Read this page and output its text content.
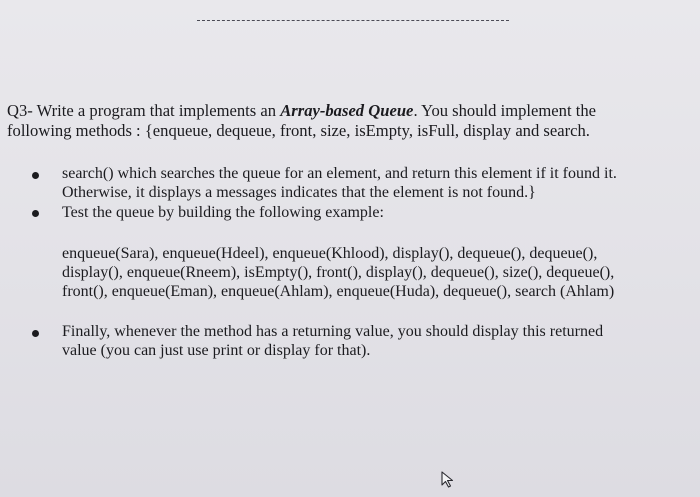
Q3- Write a program that implements an Array-based Queue. You should implement the
following methods : {enqueue, dequeue, front, size, isEmpty, isFull, display and search.
search() which searches the queue for an element, and return this element if it found it.
Otherwise, it displays a messages indicates that the element is not found.}
Test the queue by building the following example:
enqueue(Sara), enqueue(Hdeel), enqueue(Khlood), display(), dequeue(), dequeue(),
display(), enqueue(Rneem), isEmpty(), front(), display(), dequeue(), size(), dequeue(),
front(), enqueue(Eman), enqueue(Ahlam), enqueue(Huda), dequeue(), search (Ahlam)
Finally, whenever the method has a returning value, you should display this returned
value (you can just use print or display for that).
